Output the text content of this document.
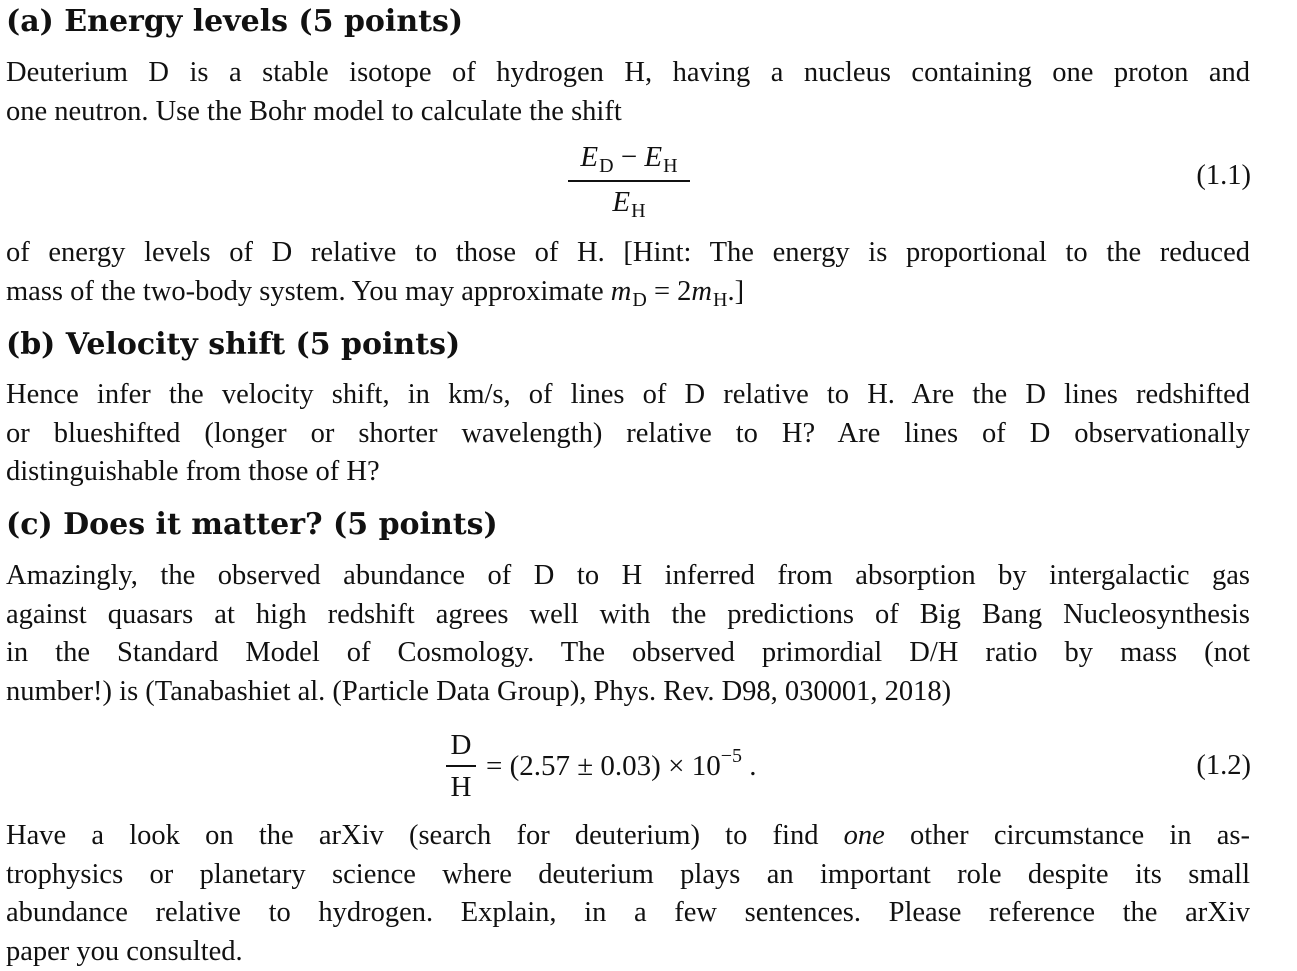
(a) Energy levels (5 points)

Deuterium D is a stable isotope of hydrogen H, having a nucleus containing one proton and
one neutron. Use the Bohr model to calculate the shift

$E_D - E_H$
$E_H$
(1.1)

of energy levels of D relative to those of H. [Hint: The energy is proportional to the reduced
mass of the two-body system. You may approximate $m_D = 2m_H$.]

(b) Velocity shift (5 points)

Hence infer the velocity shift, in km/s, of lines of D relative to H. Are the D lines redshifted
or blueshifted (longer or shorter wavelength) relative to H? Are lines of D observationally
distinguishable from those of H?

(c) Does it matter? (5 points)

Amazingly, the observed abundance of D to H inferred from absorption by intergalactic gas
against quasars at high redshift agrees well with the predictions of Big Bang Nucleosynthesis
in the Standard Model of Cosmology. The observed primordial D/H ratio by mass (not
number!) is (Tanabashiet al. (Particle Data Group), Phys. Rev. D98, 030001, 2018)

D
H
= $(2.57 \pm 0.03) \times 10^{-5}$ .	(1.2)

Have a look on the arXiv (search for deuterium) to find one other circumstance in as-
trophysics or planetary science where deuterium plays an important role despite its small
abundance relative to hydrogen. Explain, in a few sentences. Please reference the arXiv
paper you consulted.
